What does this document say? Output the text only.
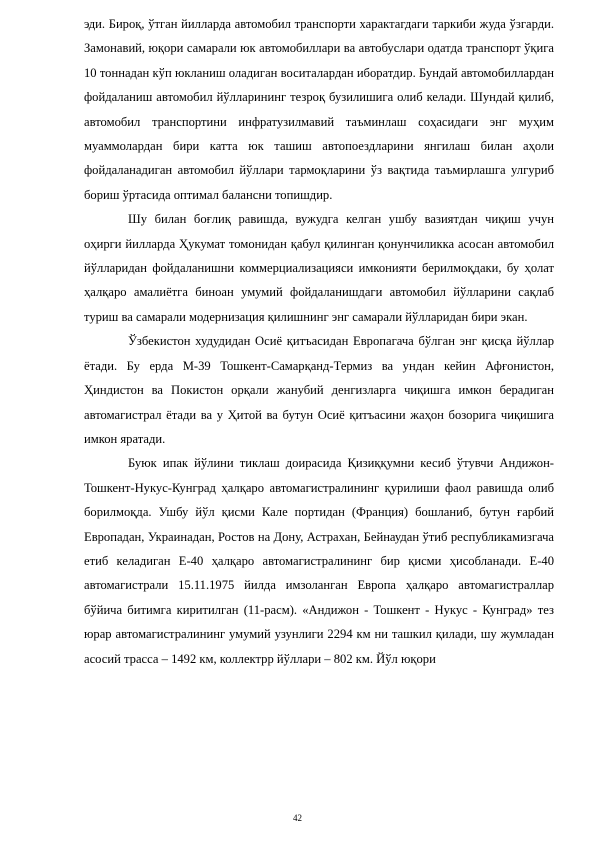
эди. Бироқ, ўтган йилларда автомобил транспорти характагдаги таркиби жуда ўзгарди. Замонавий, юқори самарали юк автомобиллари ва автобуслари одатда транспорт ўқига 10 тоннадан кўп юкланиш оладиган воситалардан иборатдир. Бундай автомобиллардан фойдаланиш автомобил йўлларининг тезроқ бузилишига олиб келади. Шундай қилиб, автомобил транспортини инфратузилмавий таъминлаш соҳасидаги энг муҳим муаммолардан бири катта юк ташиш автопоездларини янгилаш билан аҳоли фойдаланадиган автомобил йўллари тармоқларини ўз вақтида таъмирлашга улгуриб бориш ўртасида оптимал балансни топишдир.

Шу билан боғлиқ равишда, вужудга келган ушбу вазиятдан чиқиш учун оҳирги йилларда Ҳукумат томонидан қабул қилинган қонунчиликка асосан автомобил йўлларидан фойдаланишни коммерциализацияси имконияти берилмоқдаки, бу ҳолат ҳалқаро амалиётга биноан умумий фойдаланишдаги автомобил йўлларини сақлаб туриш ва самарали модернизация қилишнинг энг самарали йўлларидан бири экан.

Ўзбекистон худудидан Осиё қитъасидан Европагача бўлган энг қисқа йўллар ётади. Бу ерда М-39 Тошкент-Самарқанд-Термиз ва ундан кейин Афғонистон, Ҳиндистон ва Покистон орқали жанубий денгизларга чиқишга имкон берадиган автомагистрал ётади ва у Ҳитой ва бутун Осиё қитъасини жаҳон бозорига чиқишига имкон яратади.

Буюк ипак йўлини тиклаш доирасида Қизиққумни кесиб ўтувчи Андижон-Тошкент-Нукус-Кунград ҳалқаро автомагистралининг қурилиши фаол равишда олиб борилмоқда. Ушбу йўл қисми Кале портидан (Франция) бошланиб, бутун ғарбий Европадан, Украинадан, Ростов на Дону, Астрахан, Бейнаудан ўтиб республикамизгача етиб келадиган Е-40 ҳалқаро автомагистралининг бир қисми ҳисобланади. Е-40 автомагистрали 15.11.1975 йилда имзоланган Европа ҳалқаро автомагистраллар бўйича битимга киритилган (11-расм). «Андижон - Тошкент - Нукус - Кунград» тез юрар автомагистралининг умумий узунлиги 2294 км ни ташкил қилади, шу жумладан асосий трасса – 1492 км, коллектрр йўллари – 802 км. Йўл юқори

42
